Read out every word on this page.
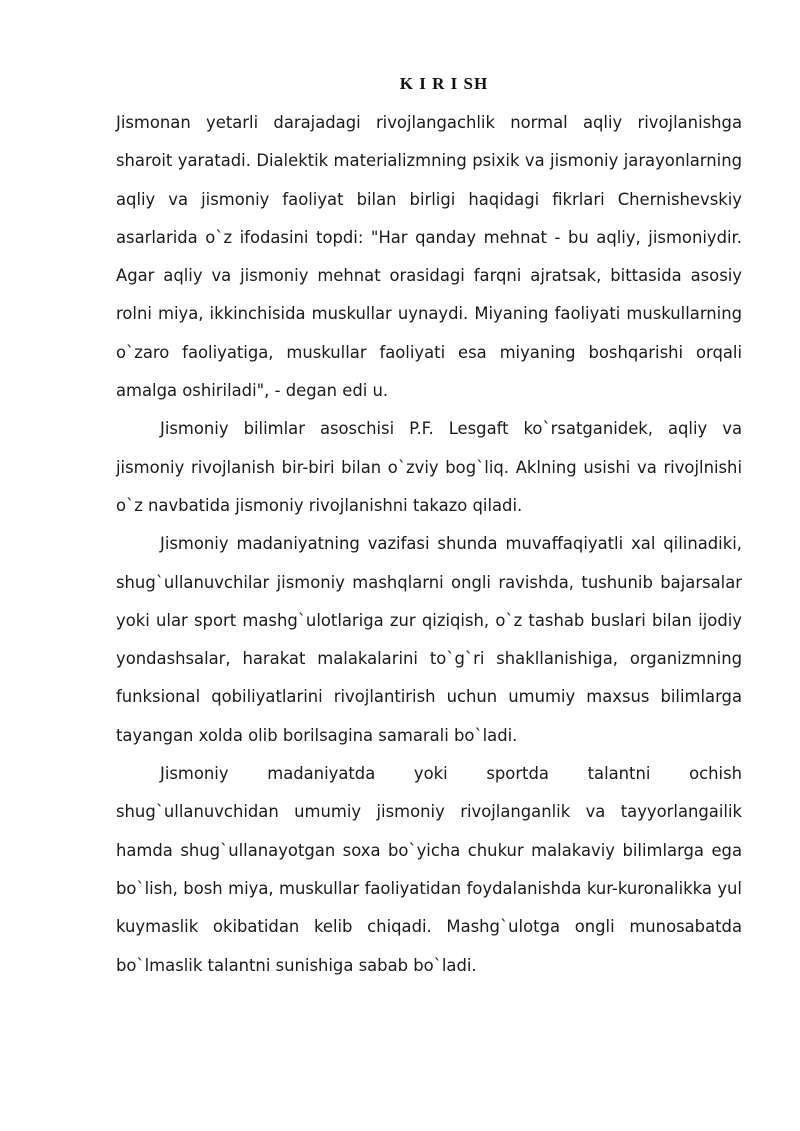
K I R I SH

Jismonan yetarli darajadagi rivojlangachlik normal aqliy rivojlanishga sharoit yaratadi. Dialektik materializmning psixik va jismoniy jarayonlarning aqliy va jismoniy faoliyat bilan birligi haqidagi fikrlari Chernishevskiy asarlarida o`z ifodasini topdi: "Har qanday mehnat - bu aqliy, jismoniydir. Agar aqliy va jismoniy mehnat orasidagi farqni ajratsak, bittasida asosiy rolni miya, ikkinchisida muskullar uynaydi. Miyaning faoliyati muskullarning o`zaro faoliyatiga, muskullar faoliyati esa miyaning boshqarishi orqali amalga oshiriladi", - degan edi u.

Jismoniy bilimlar asoschisi P.F. Lesgaft ko`rsatganidek, aqliy va jismoniy rivojlanish bir-biri bilan o`zviy bog`liq. Aklning usishi va rivojlnishi o`z navbatida jismoniy rivojlanishni takazo qiladi.

Jismoniy madaniyatning vazifasi shunda muvaffaqiyatli xal qilinadiki, shug`ullanuvchilar jismoniy mashqlarni ongli ravishda, tushunib bajarsalar yoki ular sport mashg`ulotlariga zur qiziqish, o`z tashab buslari bilan ijodiy yondashsalar, harakat malakalarini to`g`ri shakllanishiga, organizmning funksional qobiliyatlarini rivojlantirish uchun umumiy maxsus bilimlarga tayangan xolda olib borilsagina samarali bo`ladi.

Jismoniy madaniyatda yoki sportda talantni ochish shug`ullanuvchidan umumiy jismoniy rivojlanganlik va tayyorlangailik hamda shug`ullanayotgan soxa bo`yicha chukur malakaviy bilimlarga ega bo`lish, bosh miya, muskullar faoliyatidan foydalanishda kur-kuronalikka yul kuymaslik okibatidan kelib chiqadi. Mashg`ulotga ongli munosabatda bo`lmaslik talantni sunishiga sabab bo`ladi.
